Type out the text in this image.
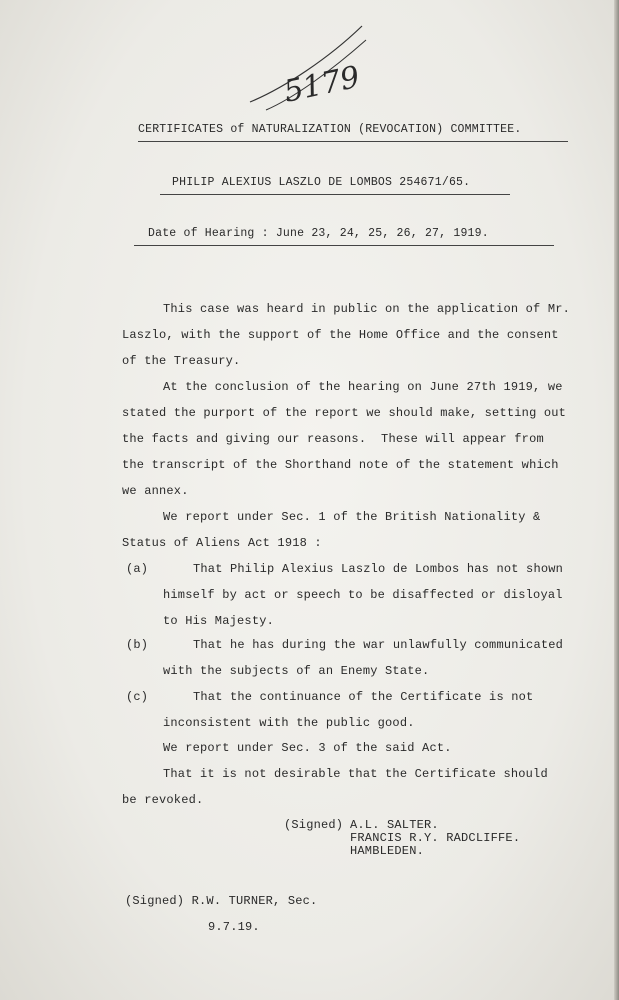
5179
CERTIFICATES of NATURALIZATION (REVOCATION) COMMITTEE.
PHILIP ALEXIUS LASZLO DE LOMBOS 254671/65.
Date of Hearing : June 23, 24, 25, 26, 27, 1919.
This case was heard in public on the application of Mr.
Laszlo, with the support of the Home Office and the consent
of the Treasury.
At the conclusion of the hearing on June 27th 1919, we
stated the purport of the report we should make, setting out
the facts and giving our reasons.  These will appear from
the transcript of the Shorthand note of the statement which
we annex.
We report under Sec. 1 of the British Nationality &
Status of Aliens Act 1918 :
(a)	That Philip Alexius Laszlo de Lombos has not shown
himself by act or speech to be disaffected or disloyal
to His Majesty.
(b)	That he has during the war unlawfully communicated
with the subjects of an Enemy State.
(c)	That the continuance of the Certificate is not
inconsistent with the public good.
We report under Sec. 3 of the said Act.
That it is not desirable that the Certificate should
be revoked.
(Signed) A.L. SALTER.
FRANCIS R.Y. RADCLIFFE.
HAMBLEDEN.
(Signed) R.W. TURNER, Sec.
9.7.19.
